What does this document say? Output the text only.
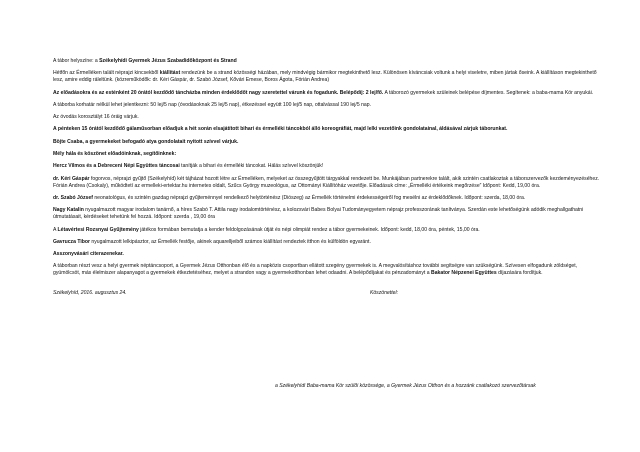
A tábor helyszíne: a Székelyhídi Gyermek Jézus Szabadidőközpont és Strand

Hétfőn az Érmelléken talált néprajzi kincsekből kiállítást rendezünk be a strand közösségi házában, mely mindvégig bármikor megtekinthető lesz. Különösen kíváncsiak voltunk a helyi viseletre, miben jártak őseink. A kiállításon megtekinthető lesz, amire eddig ráleltünk. (közreműködők: dr. Kéri Gáspár, dr. Szabó József, Kővári Emese, Boros Ágota, Fórián Andrea)

Az előadásokra és az esténként 20 órától kezdődő táncházba minden érdeklődőt nagy szeretettel várunk és fogadunk. Belépődíj: 2 lej/fő. A táborozó gyermekek szüleinek belépése díjmentes. Segítenek: a baba-mama Kör anyukái.

A táborba korhatár nélkül lehet jelentkezni: 50 lej/5 nap (óvodásoknak 25 lej/5 nap), étkezéssel együtt 100 lej/5 nap, ottalvással 190 lej/5 nap.

Az óvodás korosztályt 16 óráig várjuk.

A pénteken 15 órától kezdődő gálaműsorban előadjuk a hét során elsajátított bihari és érmelléki táncokból álló koreográfiát, majd lelki vezetőink gondolatainal, áldásával zárjuk táborunkat.

Böjte Csaba, a gyermekeket befogadó atya gondolatait nyitott szívvel várjuk.

Mély hála és köszönet előadóinknak, segítőinknek:

Hercz Vilmos és a Debreceni Népi Együttes táncosai tanítják a bihari és érmelléki táncokat. Hálás szívvel köszönjük!

dr. Kéri Gáspár fogorvos, néprajzi gyűjtő (Székelyhíd) két tájházat hozott létre az Érmelléken, melyeket az összegyűjtött tárgyakkal rendezett be. Munkájában partnerekre talált, akik szintén csatlakoztak a táborszervezők kezdeményezéséhez. Fórián Andrea (Csokaly), működtetí az ermelleki-ertektar.hu internetes oldalt, Szűcs György muzeológus, az Ottományi Kiállítóház vezetője. Előadásuk címe: „Érmelléki értékeink megőrzése” Időpont: Kedd, 19,00 óra.

dr. Szabó József neonatológus, és szintén gazdag néprajzi gyűjteménnyel rendelkező helytörténész (Diószeg) az Érmellék történelmi érdekességeiről fog mesélni az érdeklődőknek. Időpont: szerda, 18,00 óra.

Nagy Katalin nyugalmazott magyar irodalom tanárnő, a híres Szabó T. Attila nagy irodalomtörténész, a kolozsvári Babes Bolyai Tudományegyetem néprajz professzorának tanítványa. Szerdán este lehetőségünk adódik meghallgathatni útmutatásait, kérdéseket tehetünk fel hozzá. Időpont: szerda , 19,00 óra

A Létavértesi Rozsnyai Gyűjtemény játékos formában bemutatja a kender feldolgozásának útját és népi olimpiát rendez a tábor gyermekeinek. Időpont: kedd, 18,00 óra, péntek, 15,00 óra.

Gavrucza Tibor nyugalmazott lelkipásztor, az Érmellék festője, akinek aquarelljeiből számos kiállítást rendeztek itthon és külföldön egyaránt.

Asszonyvásári citerazenekar.

A táborban részt vesz a helyi gyermek néptáncsoport, a Gyermek Jézus Otthonban élő és a napközis csoportban ellátott szegény gyermekek is. A megvalósításhoz további segítségre van szükségünk. Szívesen elfogadunk zöldséget, gyümölcsöt, más élelmiszer alapanyagot a gyermekek étkeztetéséhez, melyet a strandon vagy a gyermekotthonban lehet odaadni. A belépődíjakat és pénzadományt a Bakator Népzenei Együttes díjazására fordítjuk.

Székelyhíd, 2016. augusztus 24.	Köszönettel:
a Székelyhídi Baba-mama Kör szülői közössége, a Gyermek Jézus Otthon és a hozzánk csatlakozó szervezőtársak
